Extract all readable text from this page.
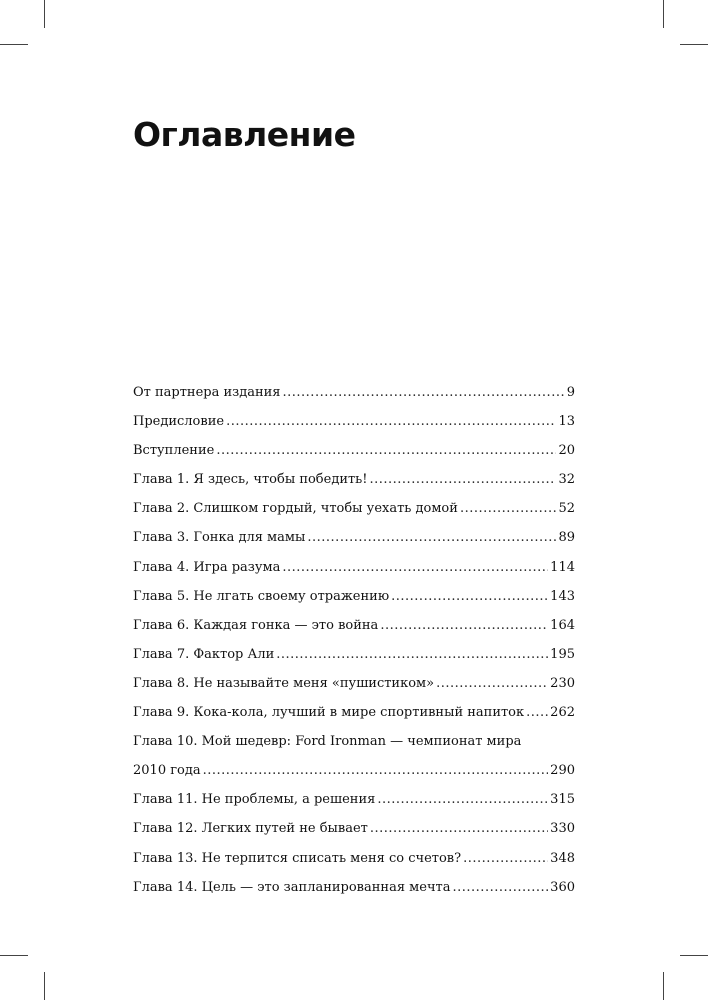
Оглавление
От партнера издания .....	9
Предисловие .....	13
Вступление .....	20
Глава 1. Я здесь, чтобы победить! .....	32
Глава 2. Слишком гордый, чтобы уехать домой .....	52
Глава 3. Гонка для мамы .....	89
Глава 4. Игра разума .....	114
Глава 5. Не лгать своему отражению .....	143
Глава 6. Каждая гонка — это война .....	164
Глава 7. Фактор Али .....	195
Глава 8. Не называйте меня «пушистиком» .....	230
Глава 9. Кока-кола, лучший в мире спортивный напиток ..... 262
Глава 10. Мой шедевр: Ford Ironman — чемпионат мира
2010 года .....	290
Глава 11. Не проблемы, а решения .....	315
Глава 12. Легких путей не бывает .....	330
Глава 13. Не терпится списать меня со счетов? .....	348
Глава 14. Цель — это запланированная мечта .....	360
